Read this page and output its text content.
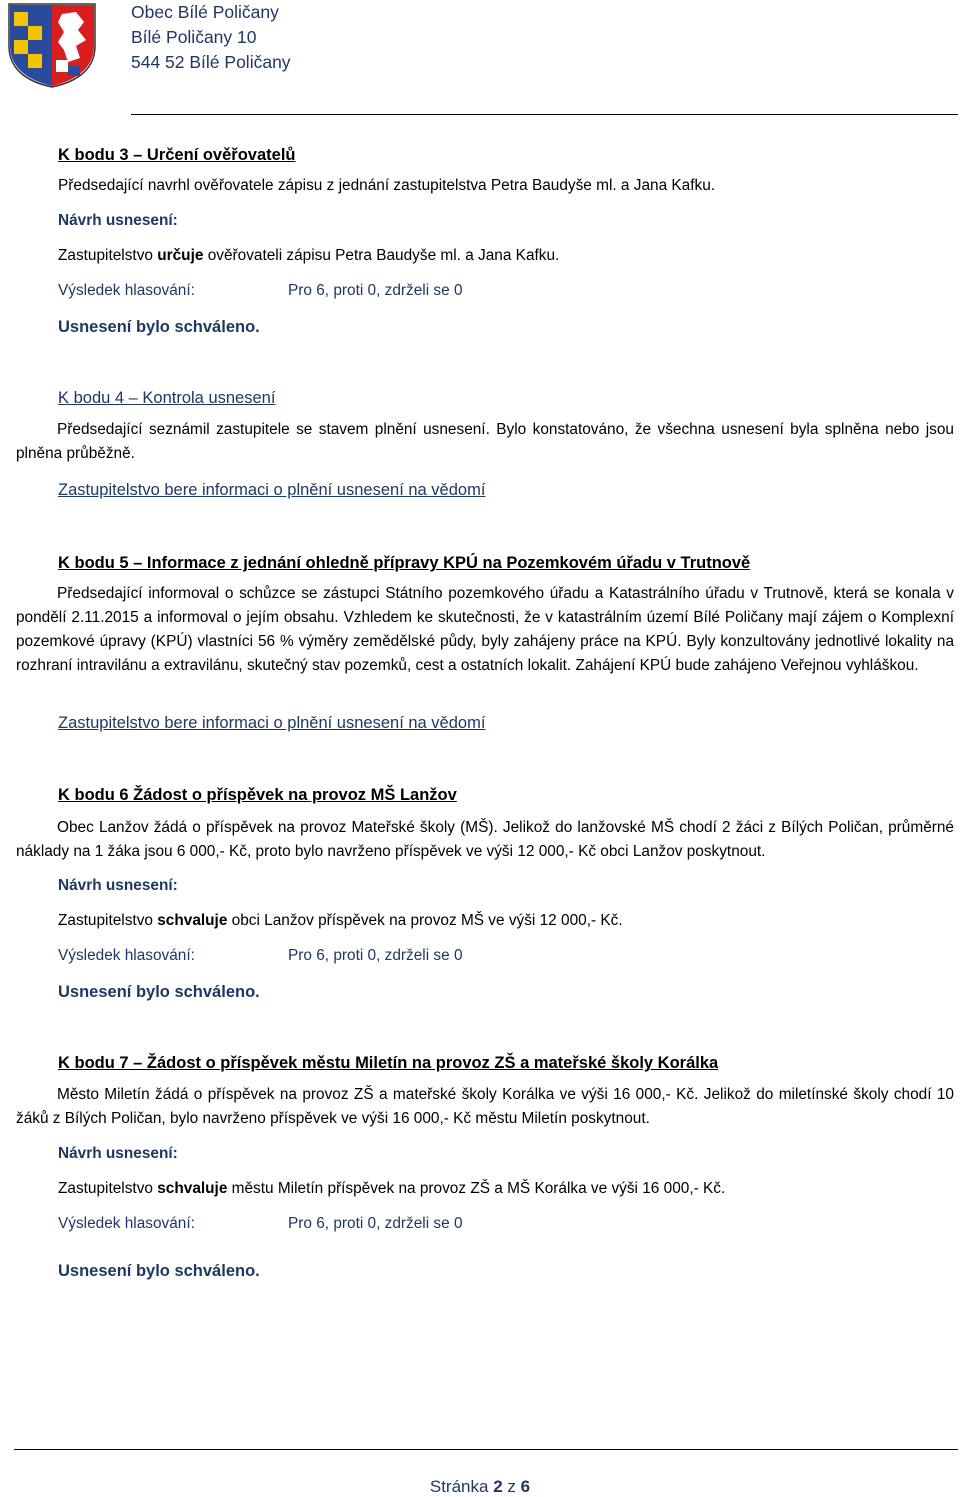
Obec Bílé Poličany
Bílé Poličany 10
544 52 Bílé Poličany
K bodu 3 – Určení ověřovatelů
Předsedající navrhl ověřovatele zápisu z jednání zastupitelstva Petra Baudyše ml. a Jana Kafku.
Návrh usnesení:
Zastupitelstvo určuje ověřovateli zápisu Petra Baudyše ml. a Jana Kafku.
Výsledek hlasování:	Pro 6, proti 0, zdrželi se 0
Usnesení bylo schváleno.
K bodu 4 – Kontrola usnesení

Předsedající seznámil zastupitele se stavem plnění usnesení. Bylo konstatováno, že všechna usnesení byla splněna nebo jsou plněna průběžně.

Zastupitelstvo bere informaci o plnění usnesení na vědomí
K bodu 5 – Informace z jednání ohledně přípravy KPÚ na Pozemkovém úřadu v Trutnově

Předsedající informoval o schůzce se zástupci Státního pozemkového úřadu a Katastrálního úřadu v Trutnově, která se konala v pondělí 2.11.2015 a informoval o jejím obsahu. Vzhledem ke skutečnosti, že v katastrálním území Bílé Poličany mají zájem o Komplexní pozemkové úpravy (KPÚ) vlastníci 56 % výměry zemědělské půdy, byly zahájeny práce na KPÚ. Byly konzultovány jednotlivé lokality na rozhraní intravilánu a extravilánu, skutečný stav pozemků, cest a ostatních lokalit. Zahájení KPÚ bude zahájeno Veřejnou vyhláškou.

Zastupitelstvo bere informaci o plnění usnesení na vědomí
K bodu 6 Žádost o příspěvek na provoz MŠ Lanžov

Obec Lanžov žádá o příspěvek na provoz Mateřské školy (MŠ). Jelikož do lanžovské MŠ chodí 2 žáci z Bílých Poličan, průměrné náklady na 1 žáka jsou 6 000,- Kč, proto bylo navrženo příspěvek ve výši 12 000,- Kč obci Lanžov poskytnout.

Návrh usnesení:
Zastupitelstvo schvaluje obci Lanžov příspěvek na provoz MŠ ve výši 12 000,- Kč.
Výsledek hlasování:	Pro 6, proti 0, zdrželi se 0
Usnesení bylo schváleno.
K bodu 7 – Žádost o příspěvek městu Miletín na provoz ZŠ a mateřské školy Korálka

Město Miletín žádá o příspěvek na provoz ZŠ a mateřské školy Korálka ve výši 16 000,- Kč. Jelikož do miletínské školy chodí 10 žáků z Bílých Poličan, bylo navrženo příspěvek ve výši 16 000,- Kč městu Miletín poskytnout.

Návrh usnesení:
Zastupitelstvo schvaluje městu Miletín příspěvek na provoz ZŠ a MŠ Korálka ve výši 16 000,- Kč.
Výsledek hlasování:	Pro 6, proti 0, zdrželi se 0
Usnesení bylo schváleno.
Stránka 2 z 6
